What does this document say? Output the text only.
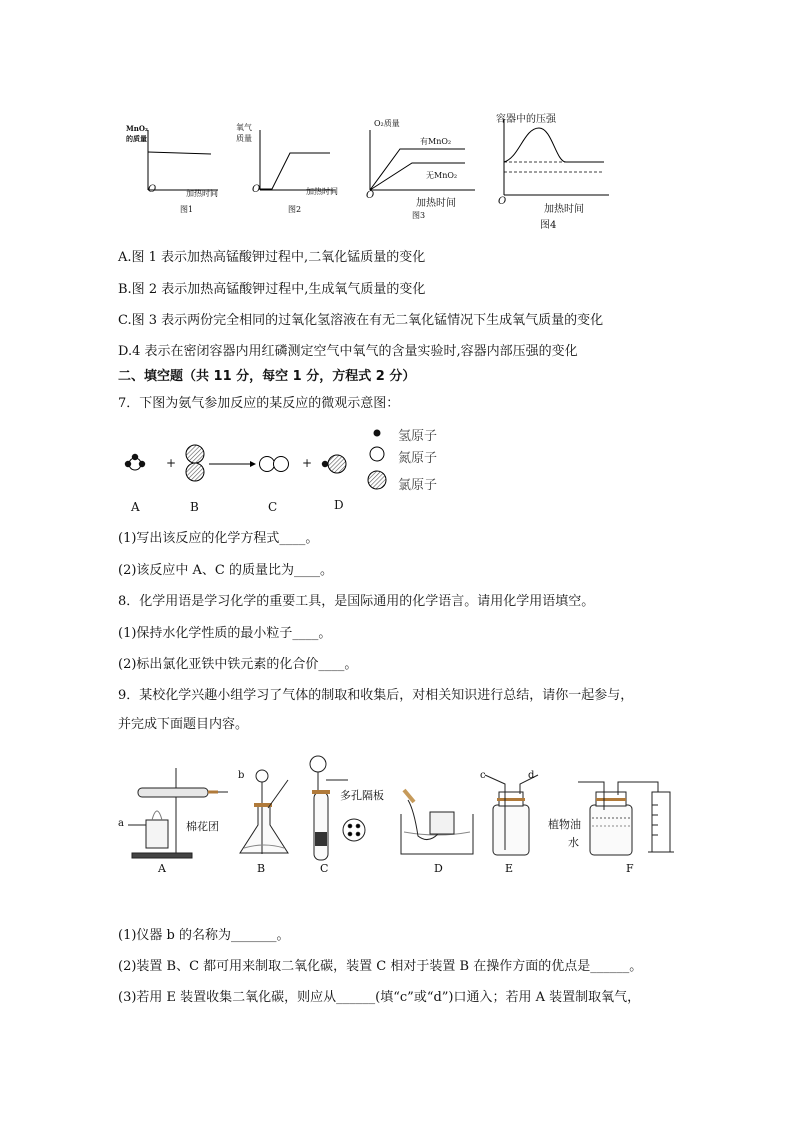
MnO₂
的质量
O	加热时间
图1
氧气
质量
O	加热时间
图2
O₂质量
有MnO₂
无MnO₂
O
加热时间
图3
容器中的压强
O
加热时间
图4
A.图 1 表示加热高锰酸钾过程中,二氧化锰质量的变化
B.图 2 表示加热高锰酸钾过程中,生成氧气质量的变化
C.图 3 表示两份完全相同的过氧化氢溶液在有无二氧化锰情况下生成氧气质量的变化
D.4 表示在密闭容器内用红磷测定空气中氧气的含量实验时,容器内部压强的变化
二、填空题（共 11 分，每空 1 分，方程式 2 分）
7．下图为氨气参加反应的某反应的微观示意图：
+	+
A	B	C	D
氢原子
氮原子
氯原子
(1)写出该反应的化学方程式____。
(2)该反应中 A、C 的质量比为____。
8．化学用语是学习化学的重要工具，是国际通用的化学语言。请用化学用语填空。
(1)保持水化学性质的最小粒子____。
(2)标出氯化亚铁中铁元素的化合价____。
9．某校化学兴趣小组学习了气体的制取和收集后，对相关知识进行总结，请你一起参与，
并完成下面题目内容。
a
b
棉花团
多孔隔板
c	d
植物油
水
A	B	C	D	E	F
(1)仪器 b 的名称为_______。
(2)装置 B、C 都可用来制取二氧化碳，装置 C 相对于装置 B 在操作方面的优点是______。
(3)若用 E 装置收集二氧化碳，则应从______(填“c”或“d”)口通入；若用 A 装置制取氧气，
